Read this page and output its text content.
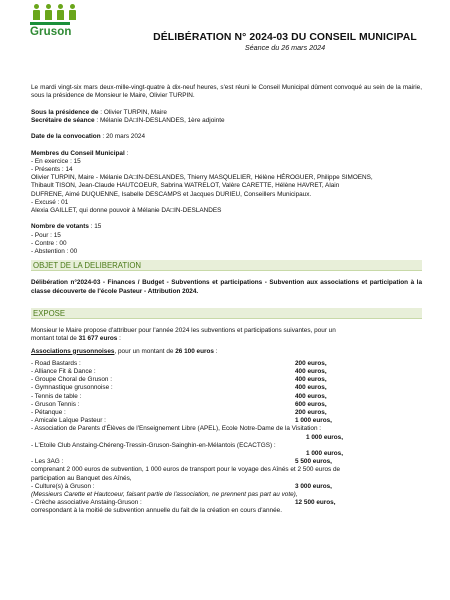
Gruson	DÉLIBÉRATION N° 2024-03 DU CONSEIL MUNICIPAL
Séance du 26 mars 2024

Le mardi vingt-six mars deux-mille-vingt-quatre à dix-neuf heures, s'est réuni le Conseil Municipal dûment convoqué au sein de la mairie, sous la présidence de Monsieur le Maire, Olivier TURPIN.

Sous la présidence de : Olivier TURPIN, Maire
Secrétaire de séance : Mélanie DA□IN-DESLANDES, 1ère adjointe
Date de la convocation : 20 mars 2024
Membres du Conseil Municipal :
- En exercice : 15
- Présents : 14
Olivier TURPIN, Maire - Mélanie DA□IN-DESLANDES, Thierry MASQUELIER, Hélène HÉROGUER, Philippe SIMOENS,
Thibault TISON, Jean-Claude HAUTCOEUR, Sabrina WATRELOT, Valère CARETTE, Hélène HAVRET, Alain
DUFRENE, Aimé DUQUENNE, Isabelle DESCAMPS et Jacques DURIEU, Conseillers Municipaux.
- Excusé : 01
Alexia GAILLET, qui donne pouvoir à Mélanie DA□IN-DESLANDES
Nombre de votants : 15
- Pour : 15
- Contre : 00
- Abstention : 00
OBJET DE LA DELIBERATION

Délibération n°2024-03 - Finances / Budget - Subventions et participations - Subvention aux associations et participation à la classe découverte de l'école Pasteur - Attribution 2024.

EXPOSE
Monsieur le Maire propose d'attribuer pour l'année 2024 les subventions et participations suivantes, pour un
montant total de 31 677 euros :
Associations grusonnoises, pour un montant de 26 100 euros :
- Road Bastards :	200 euros,
- Alliance Fit & Dance :	400 euros,
- Groupe Choral de Gruson :	400 euros,
- Gymnastique grusonnoise :	400 euros,
- Tennis de table :	400 euros,
- Gruson Tennis :	600 euros,
- Pétanque :	200 euros,
- Amicale Laïque Pasteur :	1 000 euros,
- Association de Parents d'Élèves de l'Enseignement Libre (APEL), Ecole Notre-Dame de la Visitation :
1 000 euros,
- L'Etoile Club Anstaing-Chéreng-Tressin-Gruson-Sainghin-en-Mélantois (ECACTGS) :
1 000 euros,
- Les 3AG :	5 500 euros,
comprenant 2 000 euros de subvention, 1 000 euros de transport pour le voyage des Aînés et 2 500 euros de
participation au Banquet des Aînés,
- Culture(s) à Gruson :	3 000 euros,
(Messieurs Carette et Hautcoeur, faisant partie de l'association, ne prennent pas part au vote),
- Crèche associative Anstaing-Gruson :	12 500 euros,
correspondant à la moitié de subvention annuelle du fait de la création en cours d'année.
